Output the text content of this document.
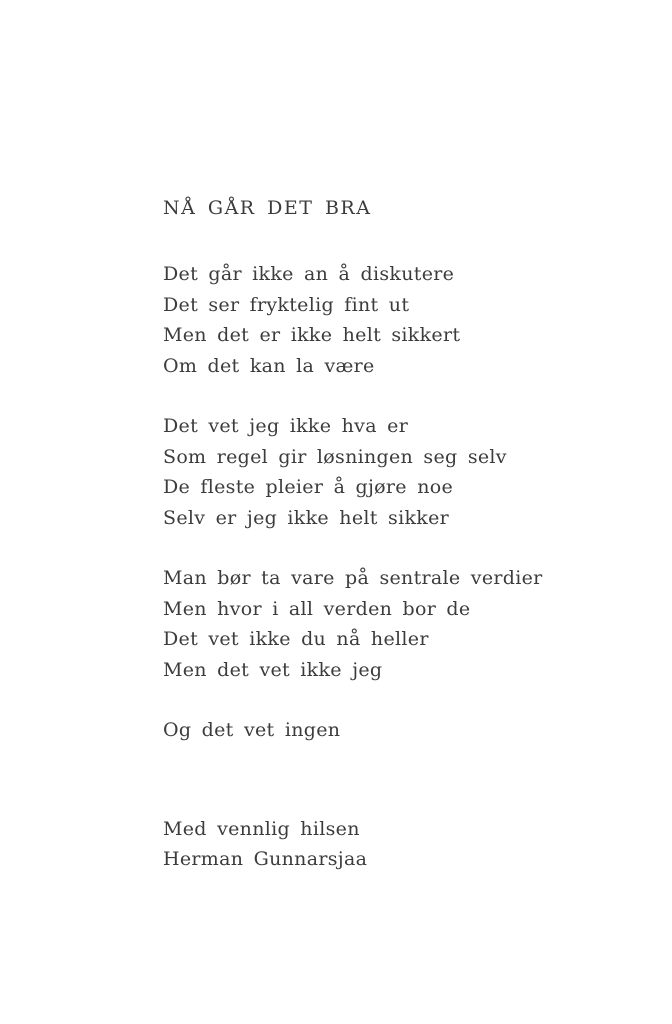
NÅ GÅR DET BRA
Det går ikke an å diskutere
Det ser fryktelig fint ut
Men det er ikke helt sikkert
Om det kan la være
Det vet jeg ikke hva er
Som regel gir løsningen seg selv
De fleste pleier å gjøre noe
Selv er jeg ikke helt sikker
Man bør ta vare på sentrale verdier
Men hvor i all verden bor de
Det vet ikke du nå heller
Men det vet ikke jeg
Og det vet ingen
Med vennlig hilsen
Herman Gunnarsjaa
